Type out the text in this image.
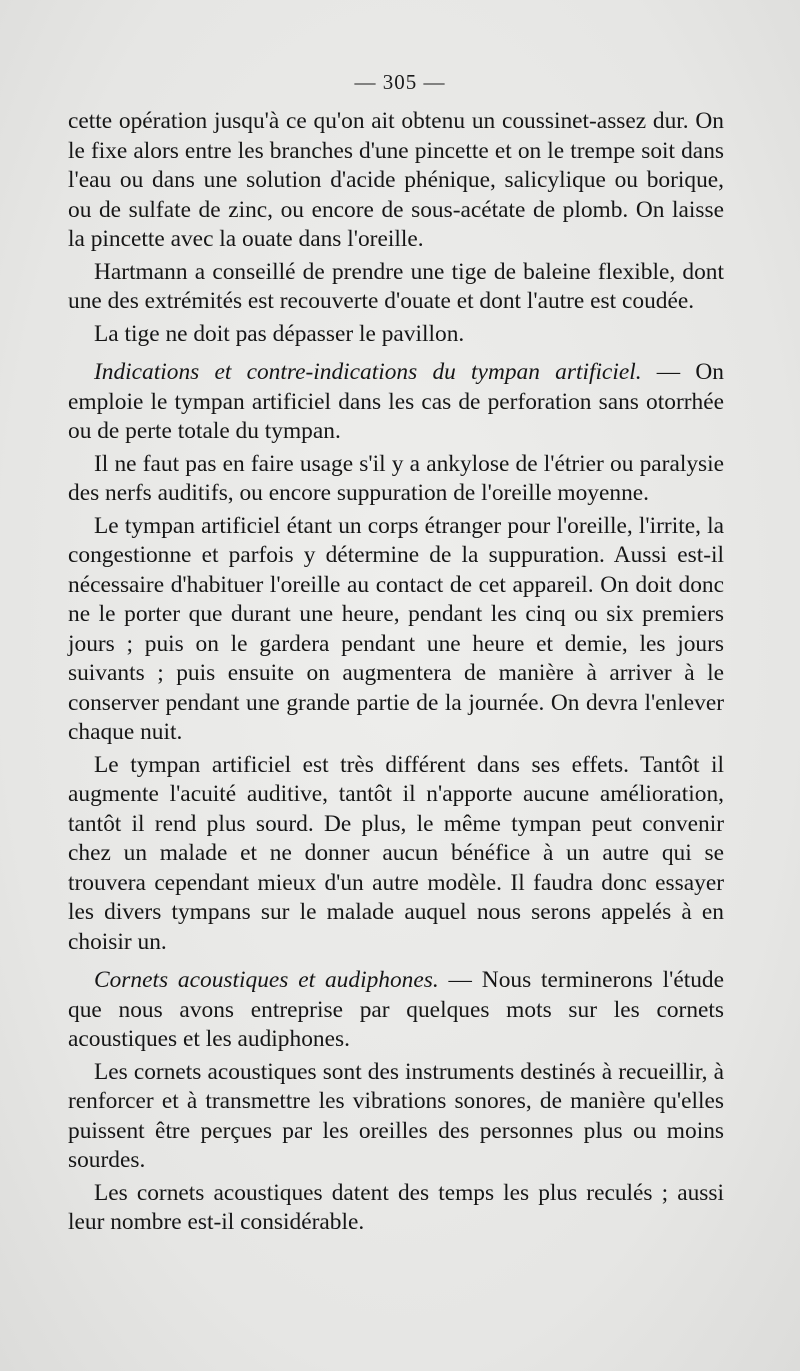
— 305 —

cette opération jusqu'à ce qu'on ait obtenu un coussinet-assez dur. On le fixe alors entre les branches d'une pincette et on le trempe soit dans l'eau ou dans une solution d'acide phénique, salicylique ou borique, ou de sulfate de zinc, ou encore de sous-acétate de plomb. On laisse la pincette avec la ouate dans l'oreille.

Hartmann a conseillé de prendre une tige de baleine flexible, dont une des extrémités est recouverte d'ouate et dont l'autre est coudée.

La tige ne doit pas dépasser le pavillon.

Indications et contre-indications du tympan artificiel. — On emploie le tympan artificiel dans les cas de perforation sans otorrhée ou de perte totale du tympan.

Il ne faut pas en faire usage s'il y a ankylose de l'étrier ou paralysie des nerfs auditifs, ou encore suppuration de l'oreille moyenne.

Le tympan artificiel étant un corps étranger pour l'oreille, l'irrite, la congestionne et parfois y détermine de la suppuration. Aussi est-il nécessaire d'habituer l'oreille au contact de cet appareil. On doit donc ne le porter que durant une heure, pendant les cinq ou six premiers jours ; puis on le gardera pendant une heure et demie, les jours suivants ; puis ensuite on augmentera de manière à arriver à le conserver pendant une grande partie de la journée. On devra l'enlever chaque nuit.

Le tympan artificiel est très différent dans ses effets. Tantôt il augmente l'acuité auditive, tantôt il n'apporte aucune amélioration, tantôt il rend plus sourd. De plus, le même tympan peut convenir chez un malade et ne donner aucun bénéfice à un autre qui se trouvera cependant mieux d'un autre modèle. Il faudra donc essayer les divers tympans sur le malade auquel nous serons appelés à en choisir un.

Cornets acoustiques et audiphones. — Nous terminerons l'étude que nous avons entreprise par quelques mots sur les cornets acoustiques et les audiphones.

Les cornets acoustiques sont des instruments destinés à recueillir, à renforcer et à transmettre les vibrations sonores, de manière qu'elles puissent être perçues par les oreilles des personnes plus ou moins sourdes.

Les cornets acoustiques datent des temps les plus reculés ; aussi leur nombre est-il considérable.
